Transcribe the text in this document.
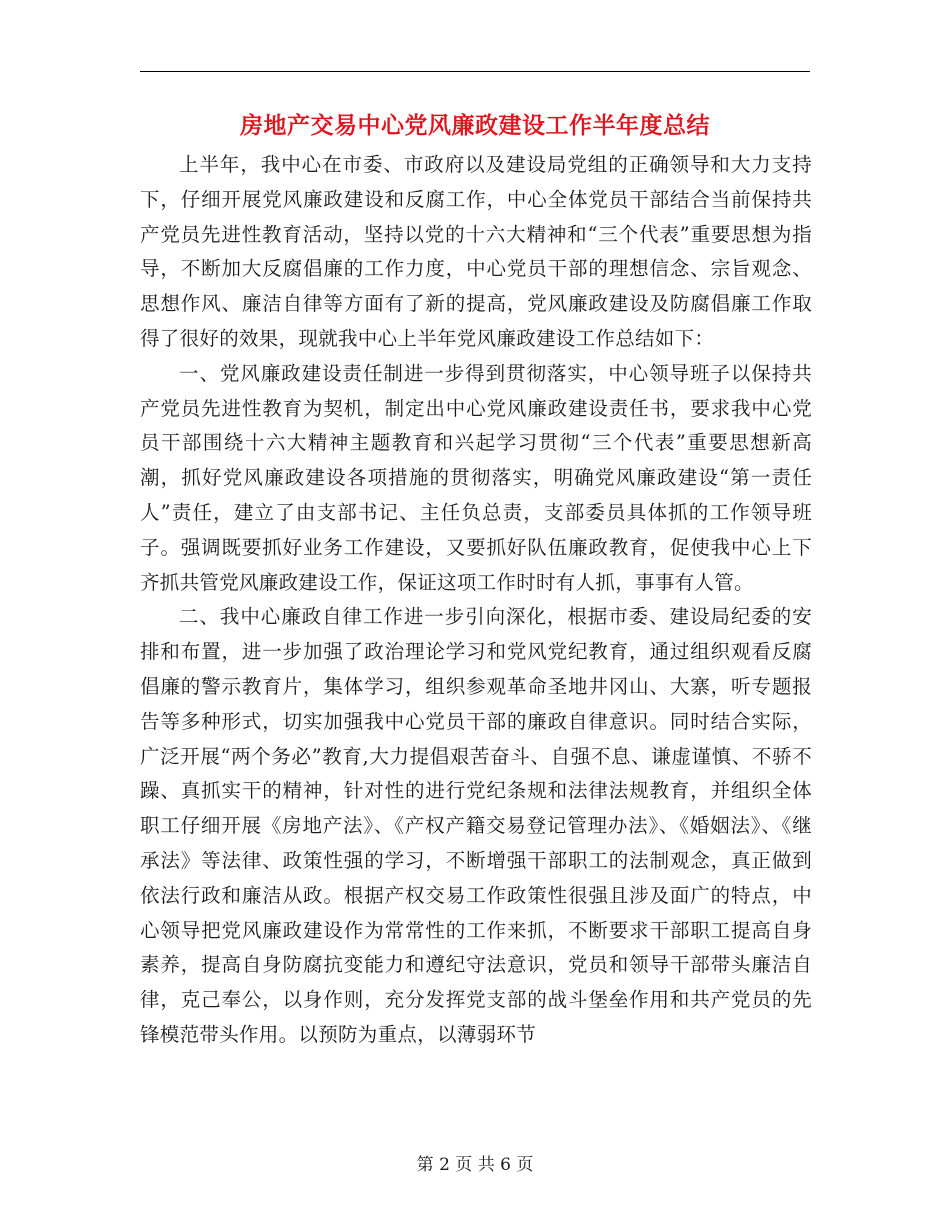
房地产交易中心党风廉政建设工作半年度总结

上半年，我中心在市委、市政府以及建设局党组的正确领导和大力支持下，仔细开展党风廉政建设和反腐工作，中心全体党员干部结合当前保持共产党员先进性教育活动，坚持以党的十六大精神和“三个代表”重要思想为指导，不断加大反腐倡廉的工作力度，中心党员干部的理想信念、宗旨观念、思想作风、廉洁自律等方面有了新的提高，党风廉政建设及防腐倡廉工作取得了很好的效果，现就我中心上半年党风廉政建设工作总结如下：

一、党风廉政建设责任制进一步得到贯彻落实，中心领导班子以保持共产党员先进性教育为契机，制定出中心党风廉政建设责任书，要求我中心党员干部围绕十六大精神主题教育和兴起学习贯彻“三个代表”重要思想新高潮，抓好党风廉政建设各项措施的贯彻落实，明确党风廉政建设“第一责任人”责任，建立了由支部书记、主任负总责，支部委员具体抓的工作领导班子。强调既要抓好业务工作建设，又要抓好队伍廉政教育，促使我中心上下齐抓共管党风廉政建设工作，保证这项工作时时有人抓，事事有人管。

二、我中心廉政自律工作进一步引向深化，根据市委、建设局纪委的安排和布置，进一步加强了政治理论学习和党风党纪教育，通过组织观看反腐倡廉的警示教育片，集体学习，组织参观革命圣地井冈山、大寨，听专题报告等多种形式，切实加强我中心党员干部的廉政自律意识。同时结合实际，广泛开展“两个务必”教育,大力提倡艰苦奋斗、自强不息、谦虚谨慎、不骄不躁、真抓实干的精神，针对性的进行党纪条规和法律法规教育，并组织全体职工仔细开展《房地产法》、《产权产籍交易登记管理办法》、《婚姻法》、《继承法》等法律、政策性强的学习，不断增强干部职工的法制观念，真正做到依法行政和廉洁从政。根据产权交易工作政策性很强且涉及面广的特点，中心领导把党风廉政建设作为常常性的工作来抓，不断要求干部职工提高自身素养，提高自身防腐抗变能力和遵纪守法意识，党员和领导干部带头廉洁自律，克己奉公，以身作则，充分发挥党支部的战斗堡垒作用和共产党员的先锋模范带头作用。以预防为重点，以薄弱环节

第 2 页 共 6 页
